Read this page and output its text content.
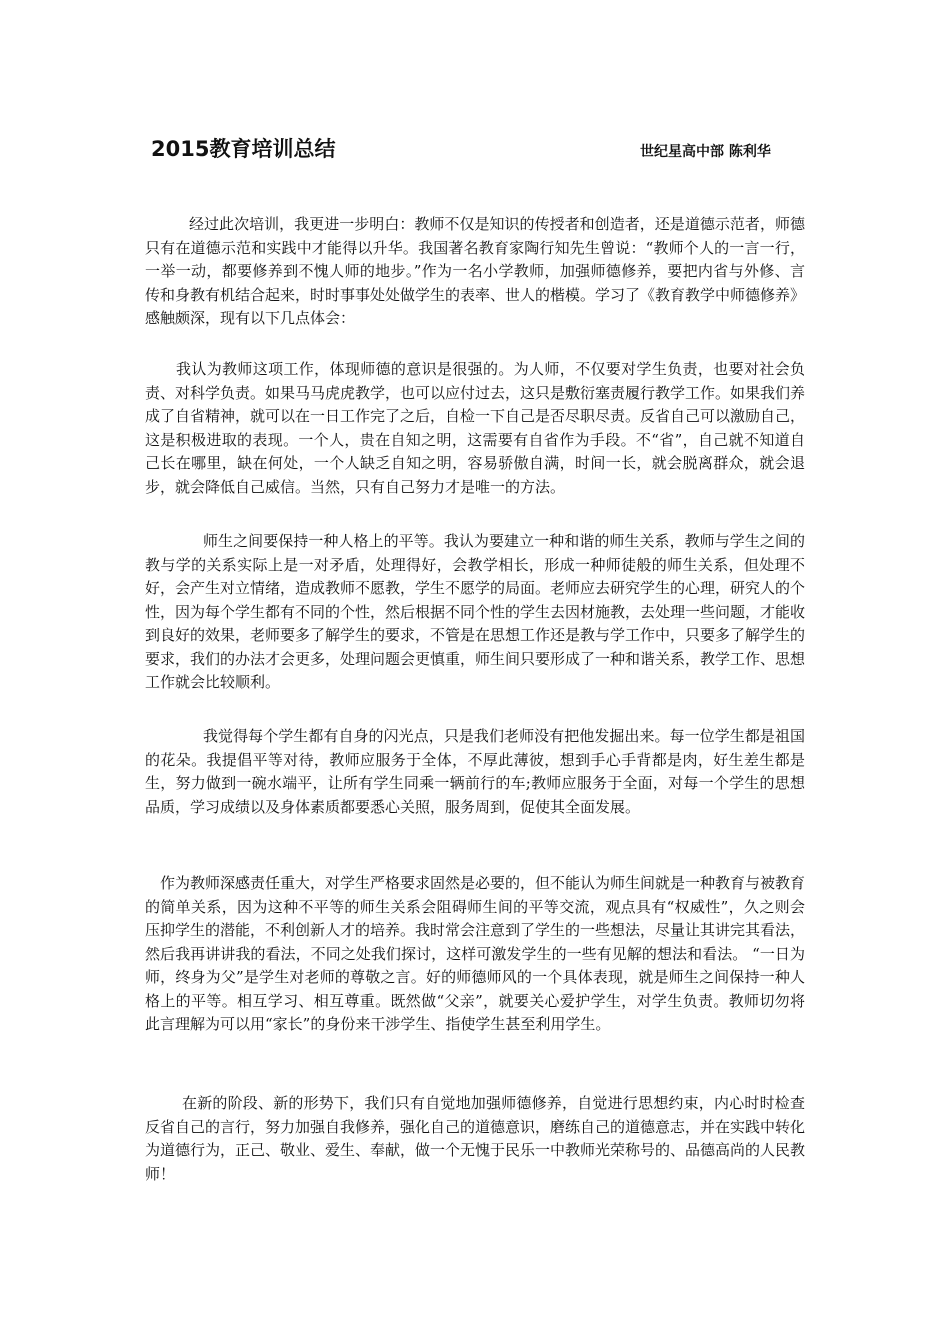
2015教育培训总结	世纪星高中部 陈利华

经过此次培训，我更进一步明白：教师不仅是知识的传授者和创造者，还是道德示范者，师德只有在道德示范和实践中才能得以升华。我国著名教育家陶行知先生曾说：“教师个人的一言一行，一举一动，都要修养到不愧人师的地步。”作为一名小学教师，加强师德修养，要把内省与外修、言传和身教有机结合起来，时时事事处处做学生的表率、世人的楷模。学习了《教育教学中师德修养》感触颇深，现有以下几点体会：

我认为教师这项工作，体现师德的意识是很强的。为人师，不仅要对学生负责，也要对社会负责、对科学负责。如果马马虎虎教学，也可以应付过去，这只是敷衍塞责履行教学工作。如果我们养成了自省精神，就可以在一日工作完了之后，自检一下自己是否尽职尽责。反省自己可以激励自己，这是积极进取的表现。一个人，贵在自知之明，这需要有自省作为手段。不“省”，自己就不知道自己长在哪里，缺在何处，一个人缺乏自知之明，容易骄傲自满，时间一长，就会脱离群众，就会退步，就会降低自己威信。当然，只有自己努力才是唯一的方法。

师生之间要保持一种人格上的平等。我认为要建立一种和谐的师生关系，教师与学生之间的教与学的关系实际上是一对矛盾，处理得好，会教学相长，形成一种师徒般的师生关系，但处理不好，会产生对立情绪，造成教师不愿教，学生不愿学的局面。老师应去研究学生的心理，研究人的个性，因为每个学生都有不同的个性，然后根据不同个性的学生去因材施教，去处理一些问题，才能收到良好的效果，老师要多了解学生的要求，不管是在思想工作还是教与学工作中，只要多了解学生的要求，我们的办法才会更多，处理问题会更慎重，师生间只要形成了一种和谐关系，教学工作、思想工作就会比较顺利。

我觉得每个学生都有自身的闪光点，只是我们老师没有把他发掘出来。每一位学生都是祖国的花朵。我提倡平等对待，教师应服务于全体，不厚此薄彼，想到手心手背都是肉，好生差生都是生，努力做到一碗水端平，让所有学生同乘一辆前行的车;教师应服务于全面，对每一个学生的思想品质，学习成绩以及身体素质都要悉心关照，服务周到，促使其全面发展。

作为教师深感责任重大，对学生严格要求固然是必要的，但不能认为师生间就是一种教育与被教育的简单关系，因为这种不平等的师生关系会阻碍师生间的平等交流，观点具有“权威性”，久之则会压抑学生的潜能，不利创新人才的培养。我时常会注意到了学生的一些想法，尽量让其讲完其看法，然后我再讲讲我的看法，不同之处我们探讨，这样可激发学生的一些有见解的想法和看法。 “一日为师，终身为父”是学生对老师的尊敬之言。好的师德师风的一个具体表现，就是师生之间保持一种人格上的平等。相互学习、相互尊重。既然做“父亲”，就要关心爱护学生，对学生负责。教师切勿将此言理解为可以用“家长”的身份来干涉学生、指使学生甚至利用学生。

在新的阶段、新的形势下，我们只有自觉地加强师德修养，自觉进行思想约束，内心时时检查反省自己的言行，努力加强自我修养，强化自己的道德意识，磨练自己的道德意志，并在实践中转化为道德行为，正己、敬业、爱生、奉献，做一个无愧于民乐一中教师光荣称号的、品德高尚的人民教师！
